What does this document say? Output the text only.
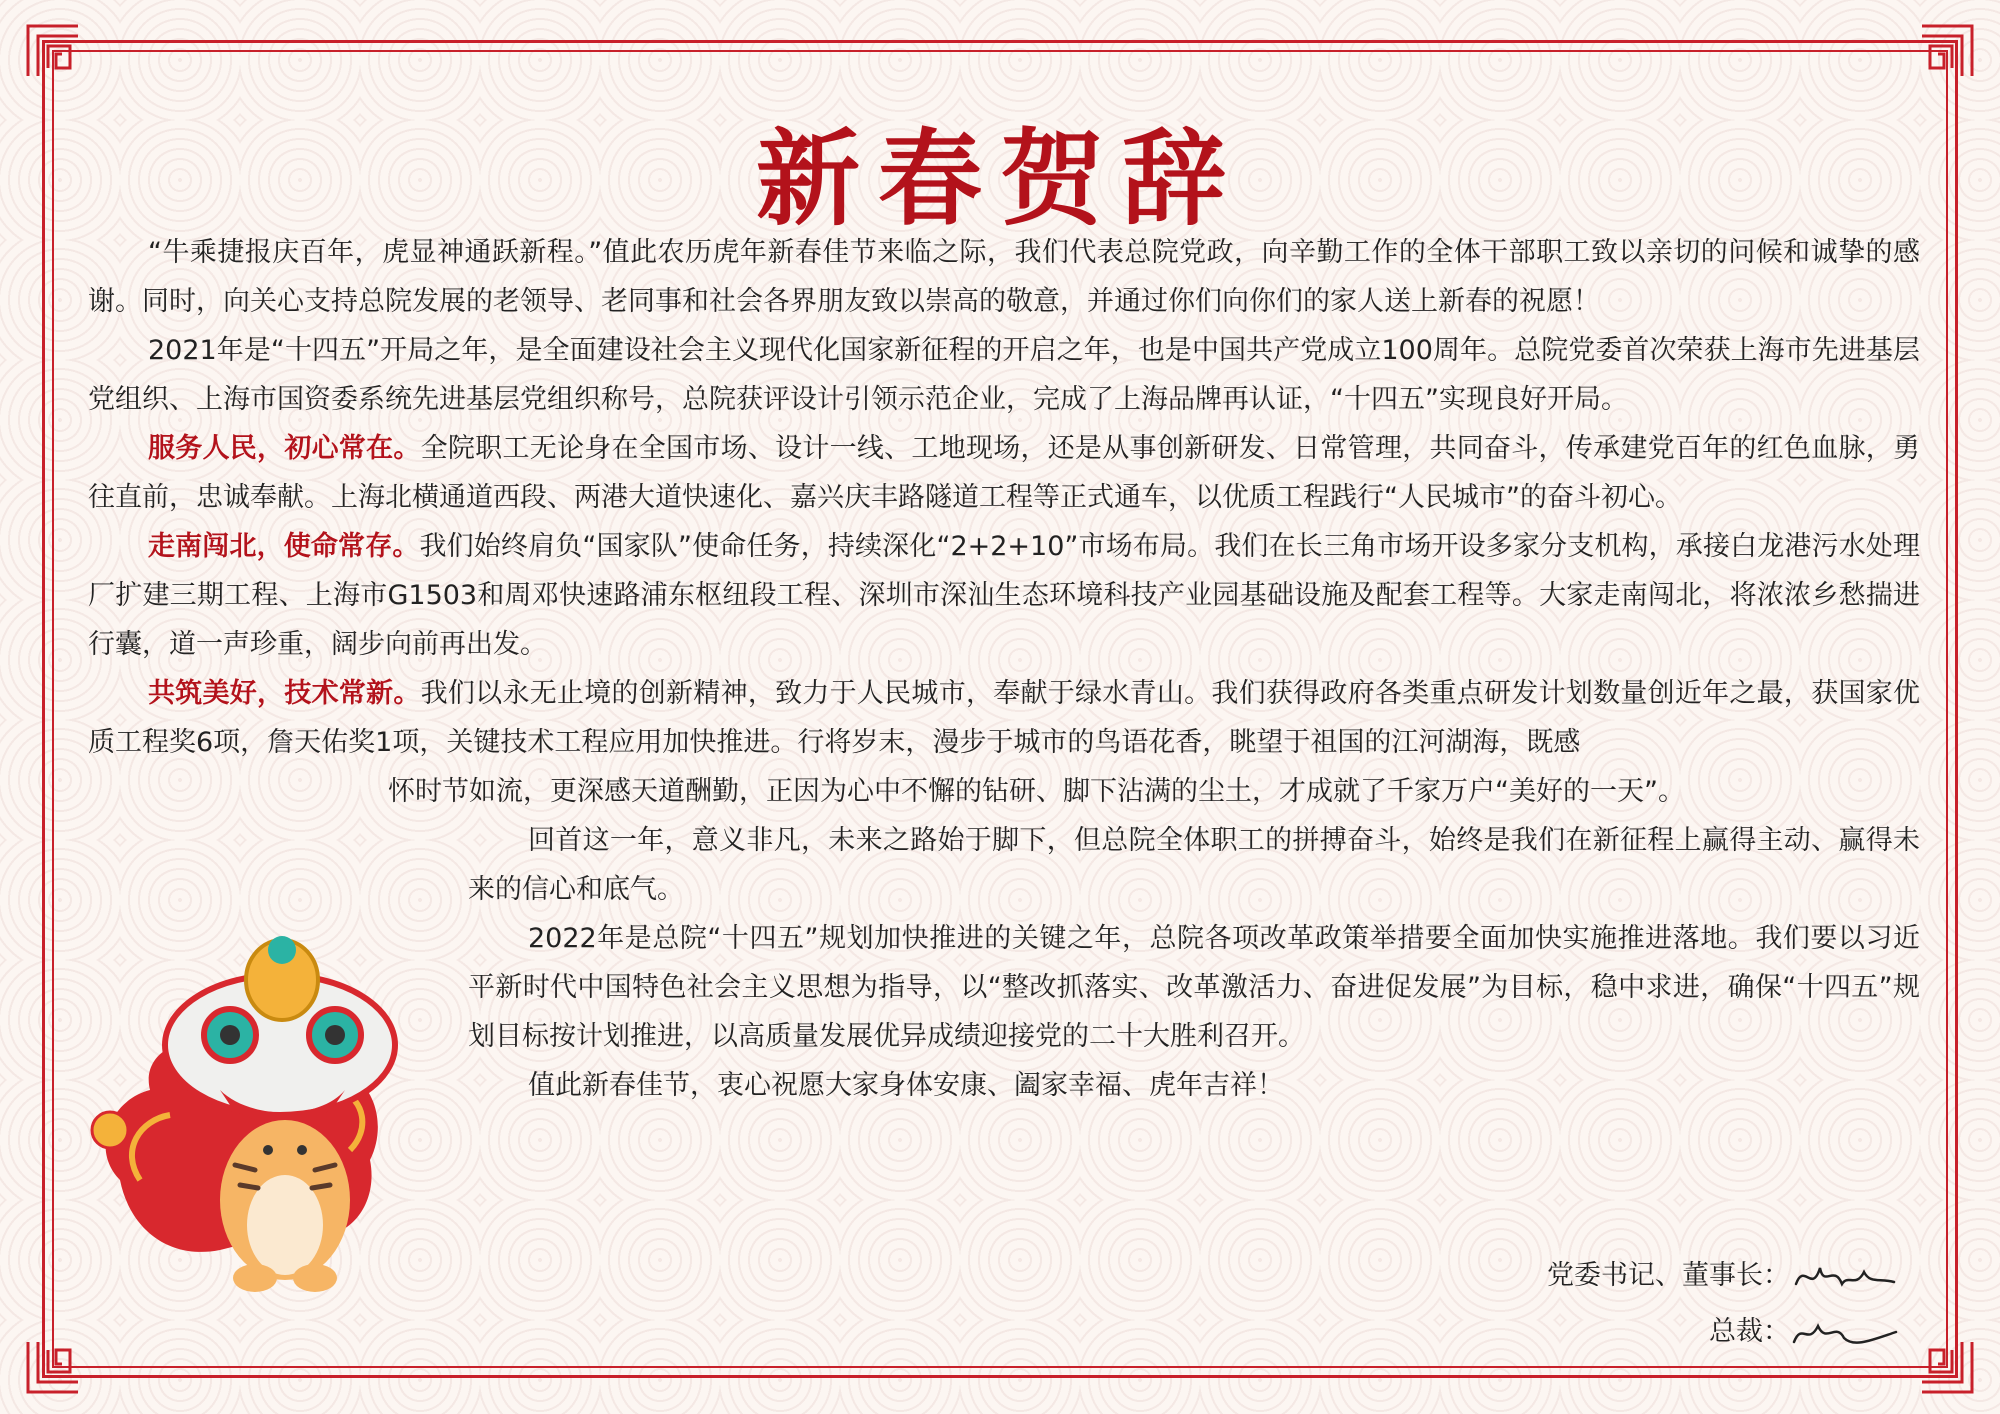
新春贺辞

“牛乘捷报庆百年，虎显神通跃新程。”值此农历虎年新春佳节来临之际，我们代表总院党政，向辛勤工作的全体干部职工致以亲切的问候和诚挚的感谢。同时，向关心支持总院发展的老领导、老同事和社会各界朋友致以崇高的敬意，并通过你们向你们的家人送上新春的祝愿！

2021年是“十四五”开局之年，是全面建设社会主义现代化国家新征程的开启之年，也是中国共产党成立100周年。总院党委首次荣获上海市先进基层党组织、上海市国资委系统先进基层党组织称号，总院获评设计引领示范企业，完成了上海品牌再认证，“十四五”实现良好开局。

服务人民，初心常在。全院职工无论身在全国市场、设计一线、工地现场，还是从事创新研发、日常管理，共同奋斗，传承建党百年的红色血脉，勇往直前，忠诚奉献。上海北横通道西段、两港大道快速化、嘉兴庆丰路隧道工程等正式通车，以优质工程践行“人民城市”的奋斗初心。

走南闯北，使命常存。我们始终肩负“国家队”使命任务，持续深化“2+2+10”市场布局。我们在长三角市场开设多家分支机构，承接白龙港污水处理厂扩建三期工程、上海市G1503和周邓快速路浦东枢纽段工程、深圳市深汕生态环境科技产业园基础设施及配套工程等。大家走南闯北，将浓浓乡愁揣进行囊，道一声珍重，阔步向前再出发。

共筑美好，技术常新。我们以永无止境的创新精神，致力于人民城市，奉献于绿水青山。我们获得政府各类重点研发计划数量创近年之最，获国家优质工程奖6项，詹天佑奖1项，关键技术工程应用加快推进。行将岁末，漫步于城市的鸟语花香，眺望于祖国的江河湖海，既感

怀时节如流，更深感天道酬勤，正因为心中不懈的钻研、脚下沾满的尘土，才成就了千家万户“美好的一天”。

回首这一年，意义非凡，未来之路始于脚下，但总院全体职工的拼搏奋斗，始终是我们在新征程上赢得主动、赢得未来的信心和底气。

2022年是总院“十四五”规划加快推进的关键之年，总院各项改革政策举措要全面加快实施推进落地。我们要以习近平新时代中国特色社会主义思想为指导，以“整改抓落实、改革激活力、奋进促发展”为目标，稳中求进，确保“十四五”规划目标按计划推进，以高质量发展优异成绩迎接党的二十大胜利召开。

值此新春佳节，衷心祝愿大家身体安康、阖家幸福、虎年吉祥！

党委书记、董事长：
总裁：
